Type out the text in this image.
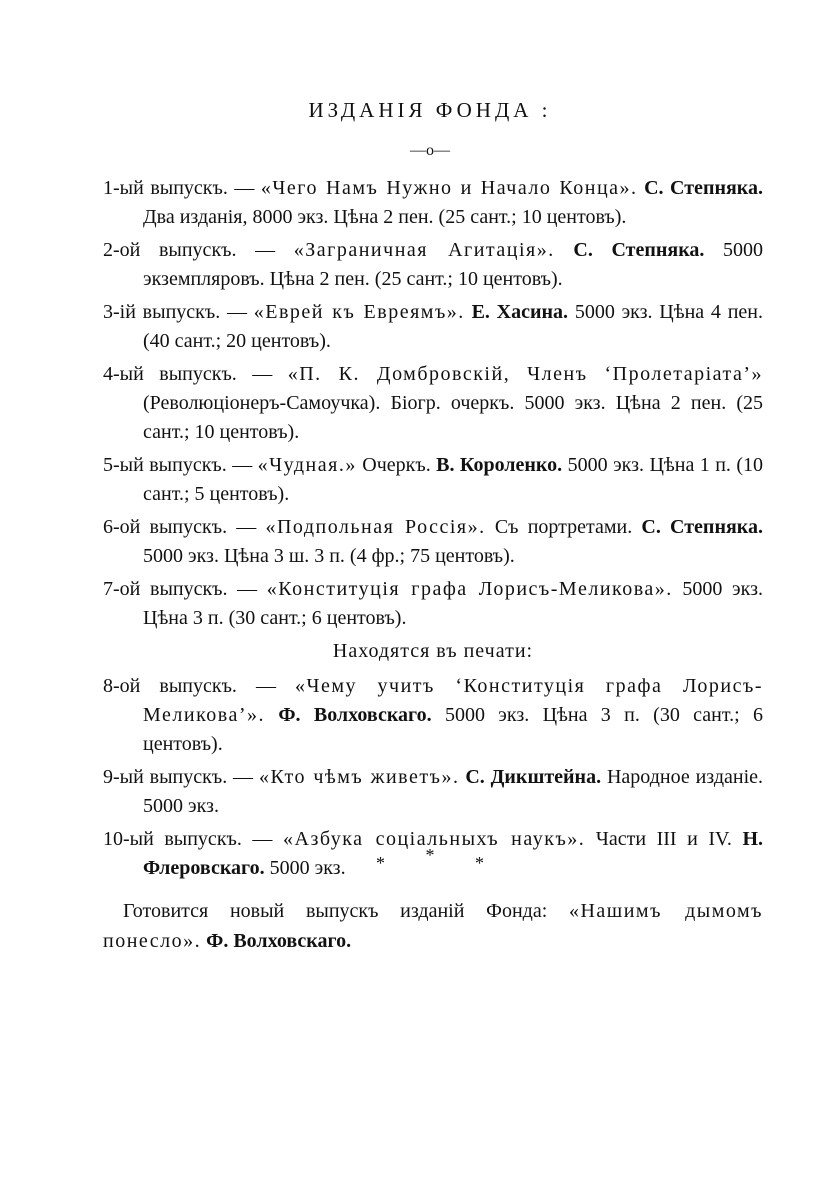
ИЗДАНІЯ ФОНДА :
—о—
1-ый выпускъ. — «Чего Намъ Нужно и Начало Конца». С. Степняка. Два изданія, 8000 экз. Цѣна 2 пен. (25 сант.; 10 центовъ).
2-ой выпускъ. — «Заграничная Агитація». С. Степняка. 5000 экземпляровъ. Цѣна 2 пен. (25 сант.; 10 центовъ).
3-ій выпускъ. — «Еврей къ Евреямъ». Е. Хасина. 5000 экз. Цѣна 4 пен. (40 сант.; 20 центовъ).
4-ый выпускъ. — «П. К. Домбровскій, Членъ ‘Пролетаріата’» (Революціонеръ-Самоучка). Біогр. очеркъ. 5000 экз. Цѣна 2 пен. (25 сант.; 10 центовъ).
5-ый выпускъ. — «Чудная.» Очеркъ. В. Короленко. 5000 экз. Цѣна 1 п. (10 сант.; 5 центовъ).
6-ой выпускъ. — «Подпольная Россія». Съ портретами. С. Степняка. 5000 экз. Цѣна 3 ш. 3 п. (4 фр.; 75 центовъ).
7-ой выпускъ. — «Конституція графа Лорисъ-Меликова». 5000 экз. Цѣна 3 п. (30 сант.; 6 центовъ).
Находятся въ печати:
8-ой выпускъ. — «Чему учитъ ‘Конституція графа Лорисъ-Меликова’». Ф. Волховскаго. 5000 экз. Цѣна 3 п. (30 сант.; 6 центовъ).
9-ый выпускъ. — «Кто чѣмъ живетъ». С. Дикштейна. Народное изданіе. 5000 экз.
10-ый выпускъ. — «Азбука соціальныхъ наукъ». Части III и IV. Н. Флеровскаго. 5000 экз.	* * *
Готовится новый выпускъ изданій Фонда: «Нашимъ дымомъ понесло». Ф. Волховскаго.
